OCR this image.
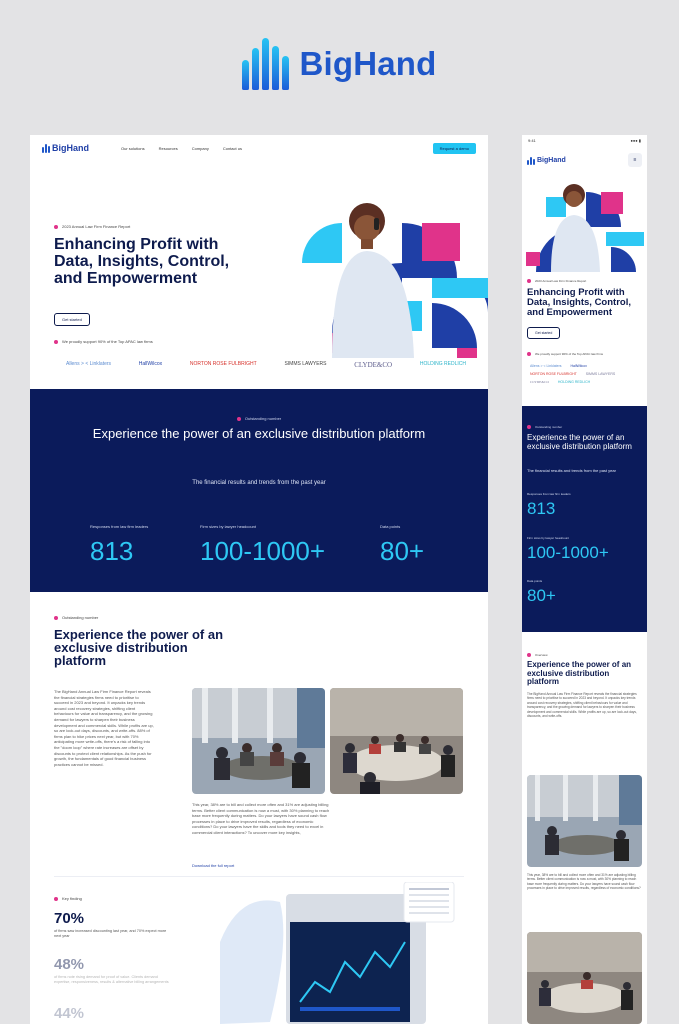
BigHand
BigHand	Our solutions	Resources	Company	Contact us	Request a demo
2023 Annual Law Firm Finance Report
Enhancing Profit with Data, Insights, Control, and Empowerment
Get started
We proudly support 90% of the Top APAC law firms
Allens > < Linklaters	HallWilcox	NORTON ROSE FULBRIGHT	SIMMS LAWYERS	CLYDE&CO	HOLDING REDLICH
Outstanding number
Experience the power of an exclusive distribution platform
The financial results and trends from the past year
Responses from law firm leaders
813
Firm sizes by lawyer headcount
100-1000+
Data points
80+
Outstanding number
Experience the power of an exclusive distribution platform
The BigHand Annual Law Firm Finance Report reveals the financial strategies firms need to prioritise to succeed in 2023 and beyond. It unpacks key trends around cost recovery strategies, shifting client behaviours for value and transparency, and the growing demand for lawyers to sharpen their business development and commercial skills. While profits are up, so are lock-out days, discounts, and write-offs. 88% of firms plan to hike prices next year, but with 70% anticipating more write-offs, there's a risk of falling into the "doom loop" where rate increases are offset by discounts to protect client relationships. As the push for growth, the fundamentals of good financial business practices cannot be missed.
This year, 38% are to bill and collect more often and 31% are adjusting billing terms. Better client communication is now a must, with 30% planning to reach base more frequently during matters. Do your lawyers have sound cash flow processes in place to drive improved results, regardless of economic conditions? Do your lawyers have the skills and tools they need to excel in commercial client interactions? To uncover more key insights,
Download the full report
Key finding
70%
of firms saw increased discounting last year, and 70% expect more next year
48%
of firms note rising demand for proof of value. Clients demand expertise, responsiveness, results & alternative billing arrangements
44%
9:41	●●● ▮
BigHand	≡
2023 Annual Law Firm Finance Report
Enhancing Profit with Data, Insights, Control, and Empowerment
Get started
We proudly support 90% of the Top APAC law firms
Allens > < Linklaters	HallWilcox
NORTON ROSE FULBRIGHT	SIMMS LAWYERS
CLYDE&CO	HOLDING REDLICH
Outstanding number
Experience the power of an exclusive distribution platform
The financial results and trends from the past year
Responses from law firm leaders
813
Firm sizes by lawyer headcount
100-1000+
Data points
80+
Overview
Experience the power of an exclusive distribution platform
The BigHand Annual Law Firm Finance Report reveals the financial strategies firms need to prioritise to succeed in 2023 and beyond. It unpacks key trends around cost recovery strategies, shifting client behaviours for value and transparency, and the growing demand for lawyers to sharpen their business development and commercial skills. While profits are up, so are lock-out days, discounts, and write-offs.
This year, 38% are to bill and collect more often and 31% are adjusting billing terms. Better client communication is now a must, with 30% planning to reach base more frequently during matters. Do your lawyers have sound cash flow processes in place to drive improved results, regardless of economic conditions?
